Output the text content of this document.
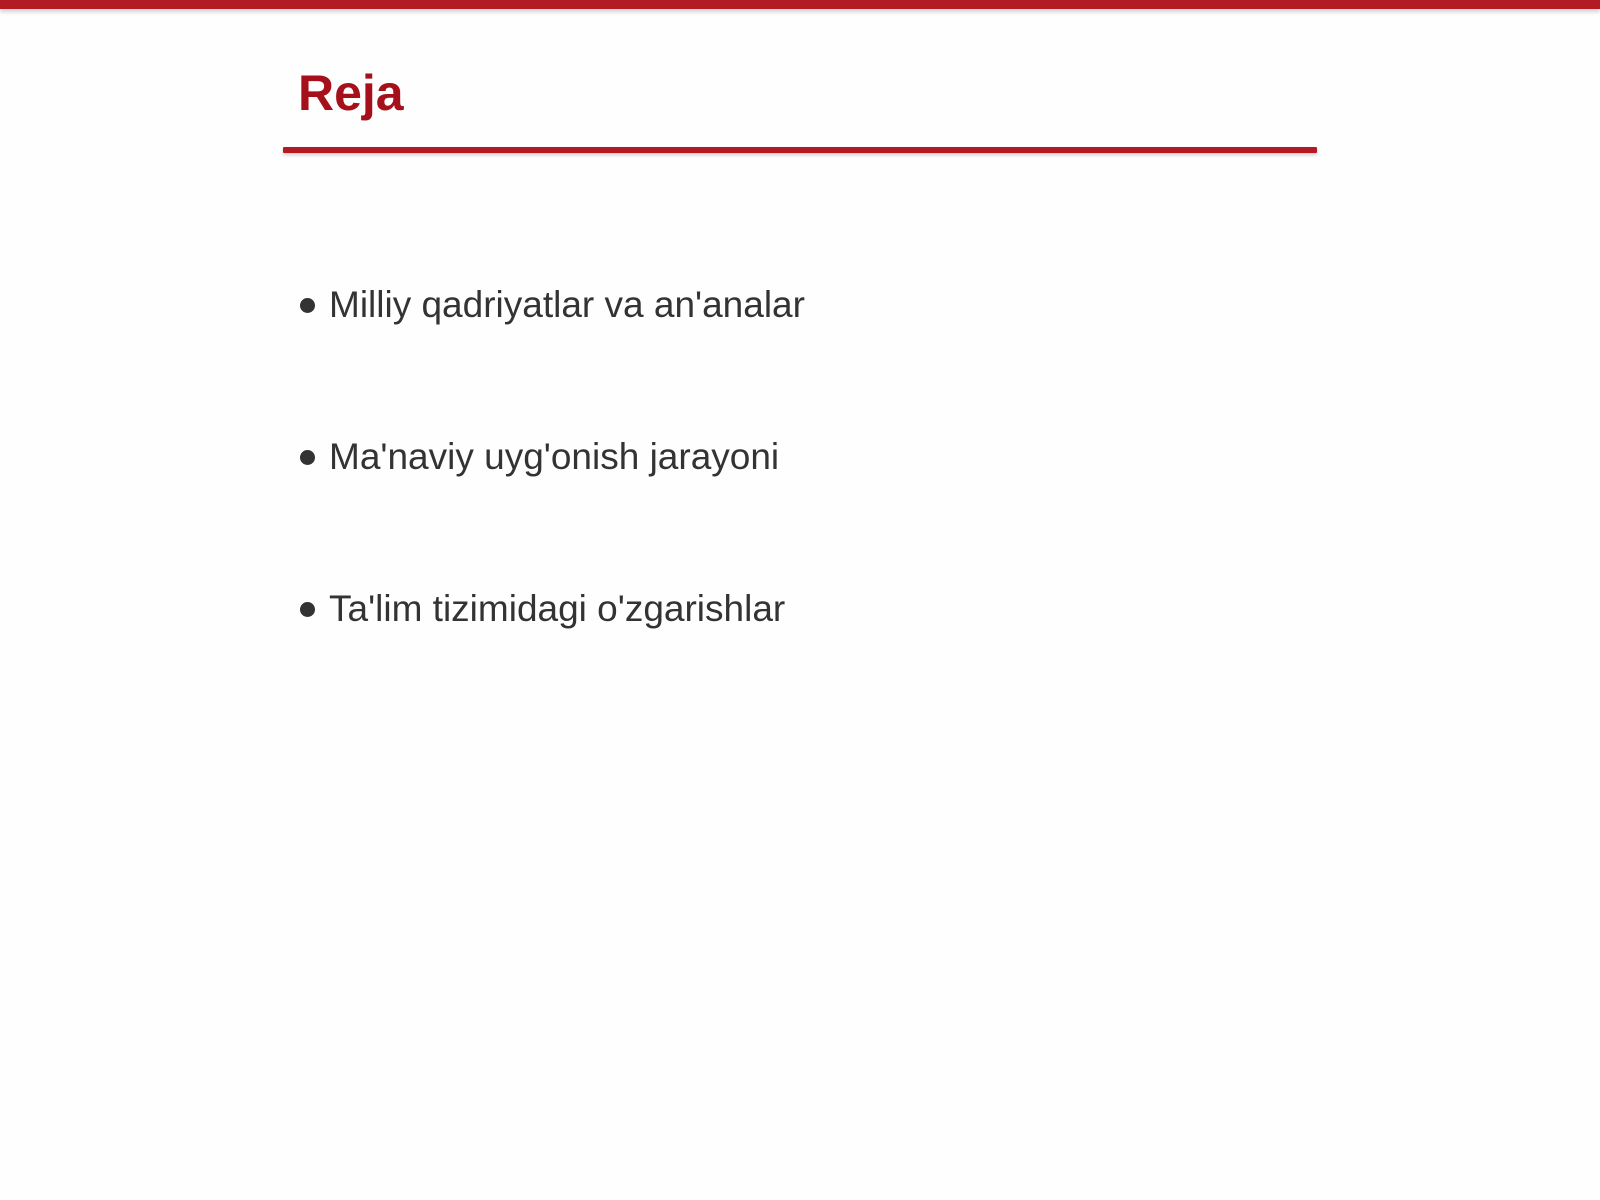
Reja
Milliy qadriyatlar va an'analar
Ma'naviy uyg'onish jarayoni
Ta'lim tizimidagi o'zgarishlar
